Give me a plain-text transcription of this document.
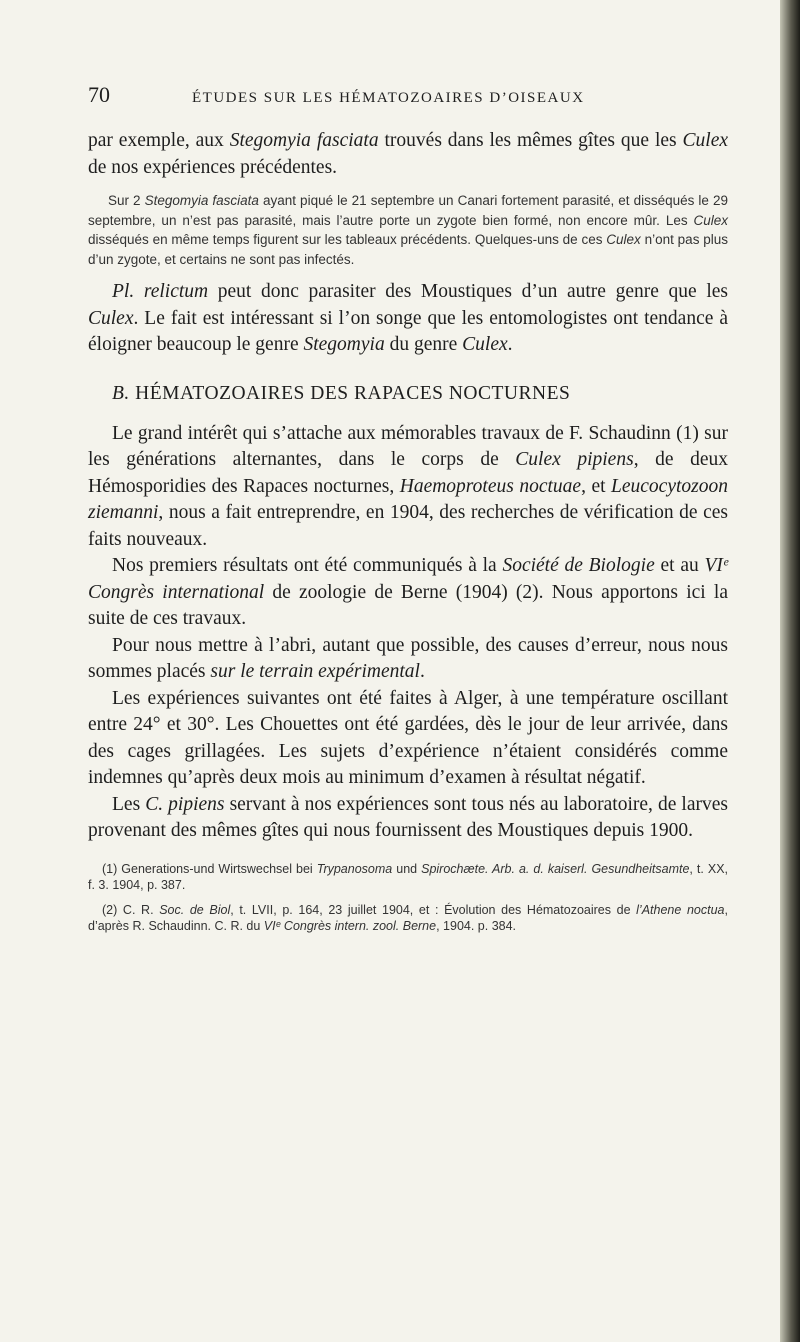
70	ÉTUDES SUR LES HÉMATOZOAIRES D’OISEAUX

par exemple, aux Stegomyia fasciata trouvés dans les mêmes gîtes que les Culex de nos expériences précédentes.

Sur 2 Stegomyia fasciata ayant piqué le 21 septembre un Canari fortement parasité, et disséqués le 29 septembre, un n’est pas parasité, mais l’autre porte un zygote bien formé, non encore mûr. Les Culex disséqués en même temps figurent sur les tableaux précédents. Quelques-uns de ces Culex n’ont pas plus d’un zygote, et certains ne sont pas infectés.

Pl. relictum peut donc parasiter des Moustiques d’un autre genre que les Culex. Le fait est intéressant si l’on songe que les entomologistes ont tendance à éloigner beaucoup le genre Stegomyia du genre Culex.

B. HÉMATOZOAIRES DES RAPACES NOCTURNES

Le grand intérêt qui s’attache aux mémorables travaux de F. Schaudinn (1) sur les générations alternantes, dans le corps de Culex pipiens, de deux Hémosporidies des Rapaces nocturnes, Haemoproteus noctuae, et Leucocytozoon ziemanni, nous a fait entreprendre, en 1904, des recherches de vérification de ces faits nouveaux.

Nos premiers résultats ont été communiqués à la Société de Biologie et au VIᵉ Congrès international de zoologie de Berne (1904) (2). Nous apportons ici la suite de ces travaux.

Pour nous mettre à l’abri, autant que possible, des causes d’erreur, nous nous sommes placés sur le terrain expérimental.

Les expériences suivantes ont été faites à Alger, à une température oscillant entre 24° et 30°. Les Chouettes ont été gardées, dès le jour de leur arrivée, dans des cages grillagées. Les sujets d’expérience n’étaient considérés comme indemnes qu’après deux mois au minimum d’examen à résultat négatif.

Les C. pipiens servant à nos expériences sont tous nés au laboratoire, de larves provenant des mêmes gîtes qui nous fournissent des Moustiques depuis 1900.

(1) Generations-und Wirtswechsel bei Trypanosoma und Spirochæte. Arb. a. d. kaiserl. Gesundheitsamte, t. XX, f. 3. 1904, p. 387.

(2) C. R. Soc. de Biol, t. LVII, p. 164, 23 juillet 1904, et : Évolution des Hématozoaires de l’Athene noctua, d’après R. Schaudinn. C. R. du VIᵉ Congrès intern. zool. Berne, 1904. p. 384.
